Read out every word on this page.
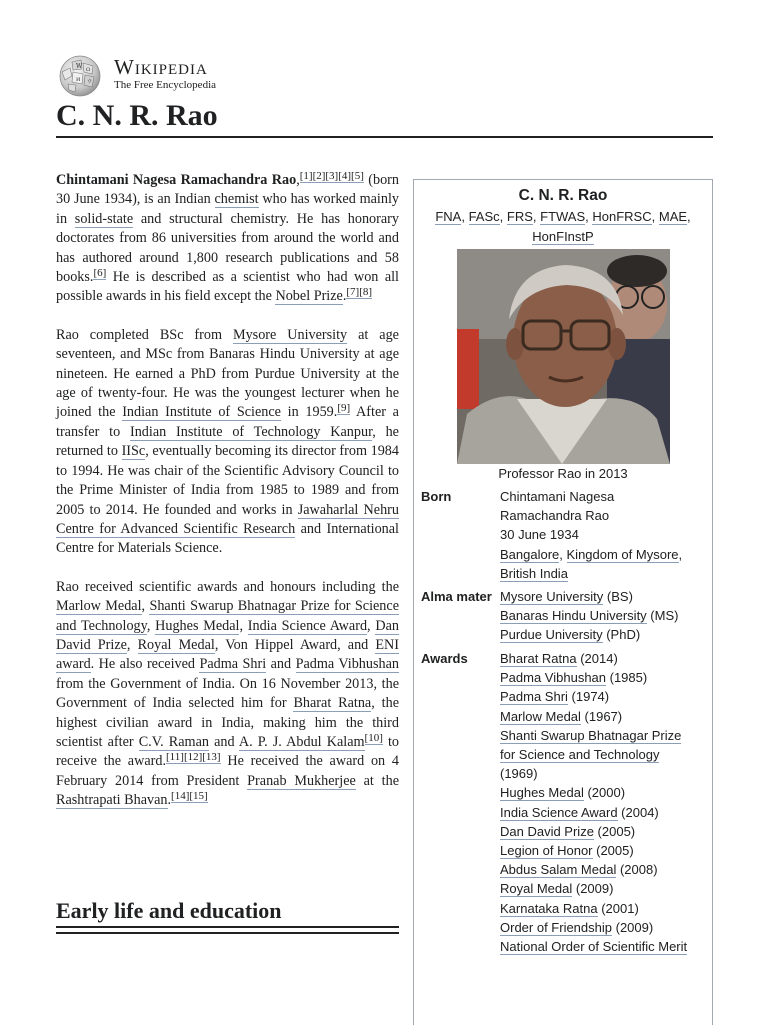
W Ω
И ウ
Wikipedia
The Free Encyclopedia
C. N. R. Rao

Chintamani Nagesa Ramachandra Rao,[1][2][3][4][5] (born 30 June 1934), is an Indian chemist who has worked mainly in solid-state and structural chemistry. He has honorary doctorates from 86 universities from around the world and has authored around 1,800 research publications and 58 books.[6] He is described as a scientist who had won all possible awards in his field except the Nobel Prize.[7][8]

Rao completed BSc from Mysore University at age seventeen, and MSc from Banaras Hindu University at age nineteen. He earned a PhD from Purdue University at the age of twenty-four. He was the youngest lecturer when he joined the Indian Institute of Science in 1959.[9] After a transfer to Indian Institute of Technology Kanpur, he returned to IISc, eventually becoming its director from 1984 to 1994. He was chair of the Scientific Advisory Council to the Prime Minister of India from 1985 to 1989 and from 2005 to 2014. He founded and works in Jawaharlal Nehru Centre for Advanced Scientific Research and International Centre for Materials Science.

Rao received scientific awards and honours including the Marlow Medal, Shanti Swarup Bhatnagar Prize for Science and Technology, Hughes Medal, India Science Award, Dan David Prize, Royal Medal, Von Hippel Award, and ENI award. He also received Padma Shri and Padma Vibhushan from the Government of India. On 16 November 2013, the Government of India selected him for Bharat Ratna, the highest civilian award in India, making him the third scientist after C.V. Raman and A. P. J. Abdul Kalam[10] to receive the award.[11][12][13] He received the award on 4 February 2014 from President Pranab Mukherjee at the Rashtrapati Bhavan.[14][15]

Early life and education
C. N. R. Rao
FNA, FASc, FRS, FTWAS, HonFRSC, MAE, HonFInstP
Professor Rao in 2013
Born	Chintamani Nagesa
Ramachandra Rao
30 June 1934
Bangalore, Kingdom of Mysore,
British India
Alma mater Mysore University (BS)
Banaras Hindu University (MS)
Purdue University (PhD)
Awards	Bharat Ratna (2014)
Padma Vibhushan (1985)
Padma Shri (1974)
Marlow Medal (1967)
Shanti Swarup Bhatnagar Prize
for Science and Technology
(1969)
Hughes Medal (2000)
India Science Award (2004)
Dan David Prize (2005)
Legion of Honor (2005)
Abdus Salam Medal (2008)
Royal Medal (2009)
Karnataka Ratna (2001)
Order of Friendship (2009)
National Order of Scientific Merit
